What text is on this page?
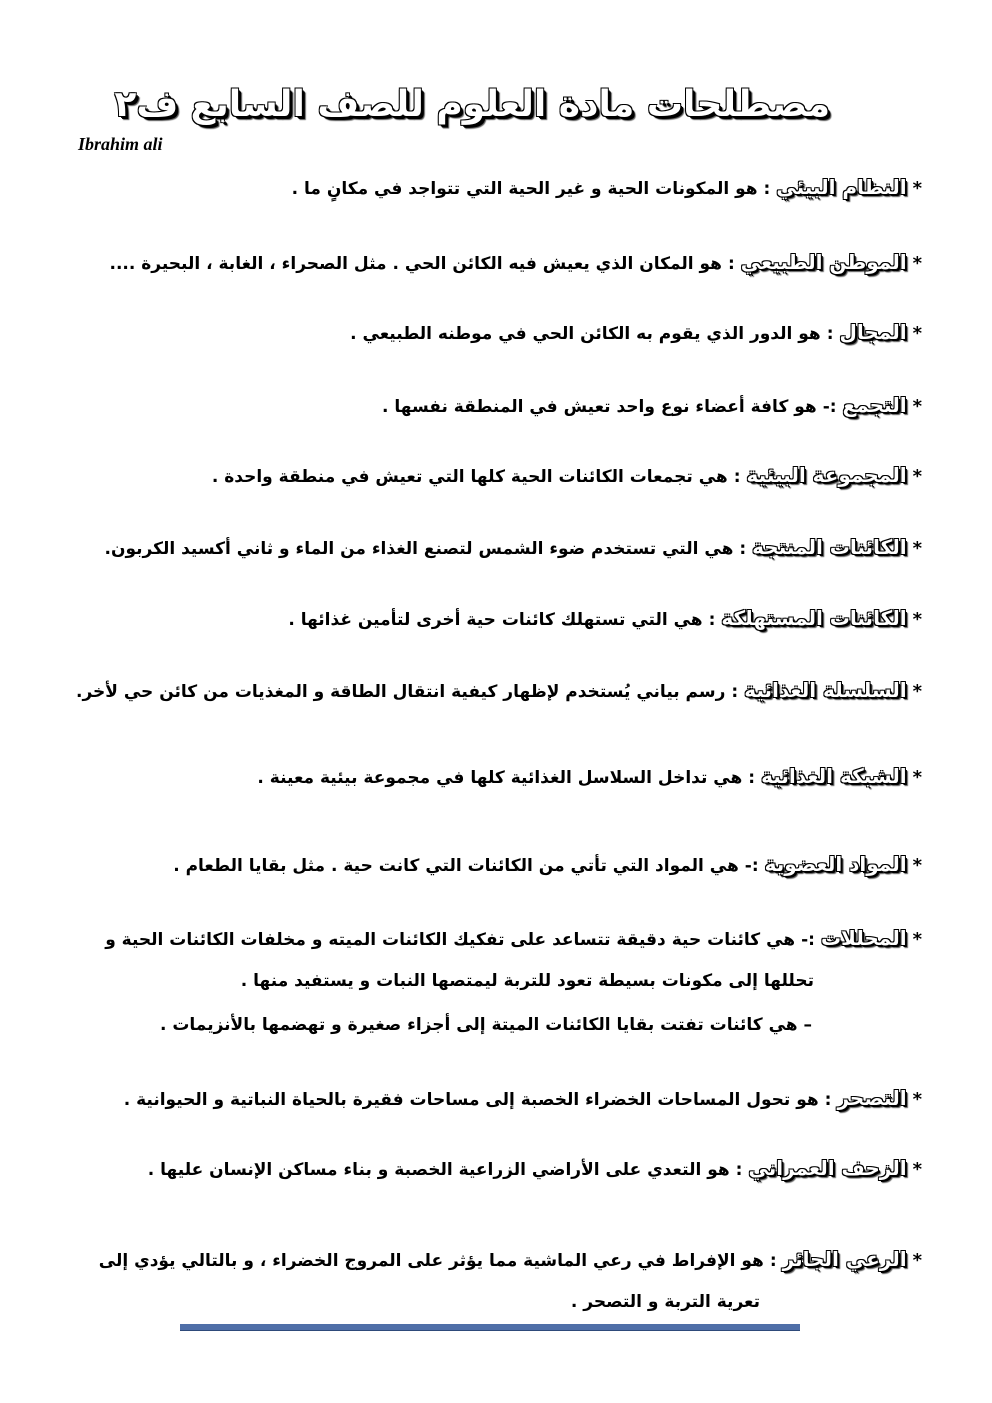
مصطلحات مادة العلوم للصف السابع ف٢
Ibrahim ali
*النظام البيئي:هو المكونات الحية و غير الحية التي تتواجد في مكانٍ ما .
*الموطن الطبيعي:هو المكان الذي يعيش فيه الكائن الحي . مثل الصحراء ، الغابة ، البحيرة ....
*المجال:هو الدور الذي يقوم به الكائن الحي في موطنه الطبيعي .
*التجمع:-هو كافة أعضاء نوع واحد تعيش في المنطقة نفسها .
*المجموعة البيئية:هي تجمعات الكائنات الحية كلها التي تعيش في منطقة واحدة .
*الكائنات المنتجة:هي التي تستخدم ضوء الشمس لتصنع الغذاء من الماء و ثاني أكسيد الكربون.
*الكائنات المستهلكة:هي التي تستهلك كائنات حية أخرى لتأمين غذائها .
*السلسلة الغذائية:رسم بياني يُستخدم لإظهار كيفية انتقال الطاقة و المغذيات من كائن حي لأخر.
*الشبكة الغذائية:هي تداخل السلاسل الغذائية كلها في مجموعة بيئية معينة .
*المواد العضوية:-هي المواد التي تأتي من الكائنات التي كانت حية . مثل بقايا الطعام .
*المحللات:-هي كائنات حية دقيقة تتساعد على تفكيك الكائنات الميته و مخلفات الكائنات الحية و
تحللها إلى مكونات بسيطة تعود للتربة ليمتصها النبات و يستفيد منها .
– هي كائنات تفتت بقايا الكائنات الميتة إلى أجزاء صغيرة و تهضمها بالأنزيمات .
*التصحر:هو تحول المساحات الخضراء الخصبة إلى مساحات فقيرة بالحياة النباتية و الحيوانية .
*الزحف العمراني:هو التعدي على الأراضي الزراعية الخصبة و بناء مساكن الإنسان عليها .
*الرعي الجائر:هو الإفراط في رعي الماشية مما يؤثر على المروج الخضراء ، و بالتالي يؤدي إلى
تعرية التربة و التصحر .
